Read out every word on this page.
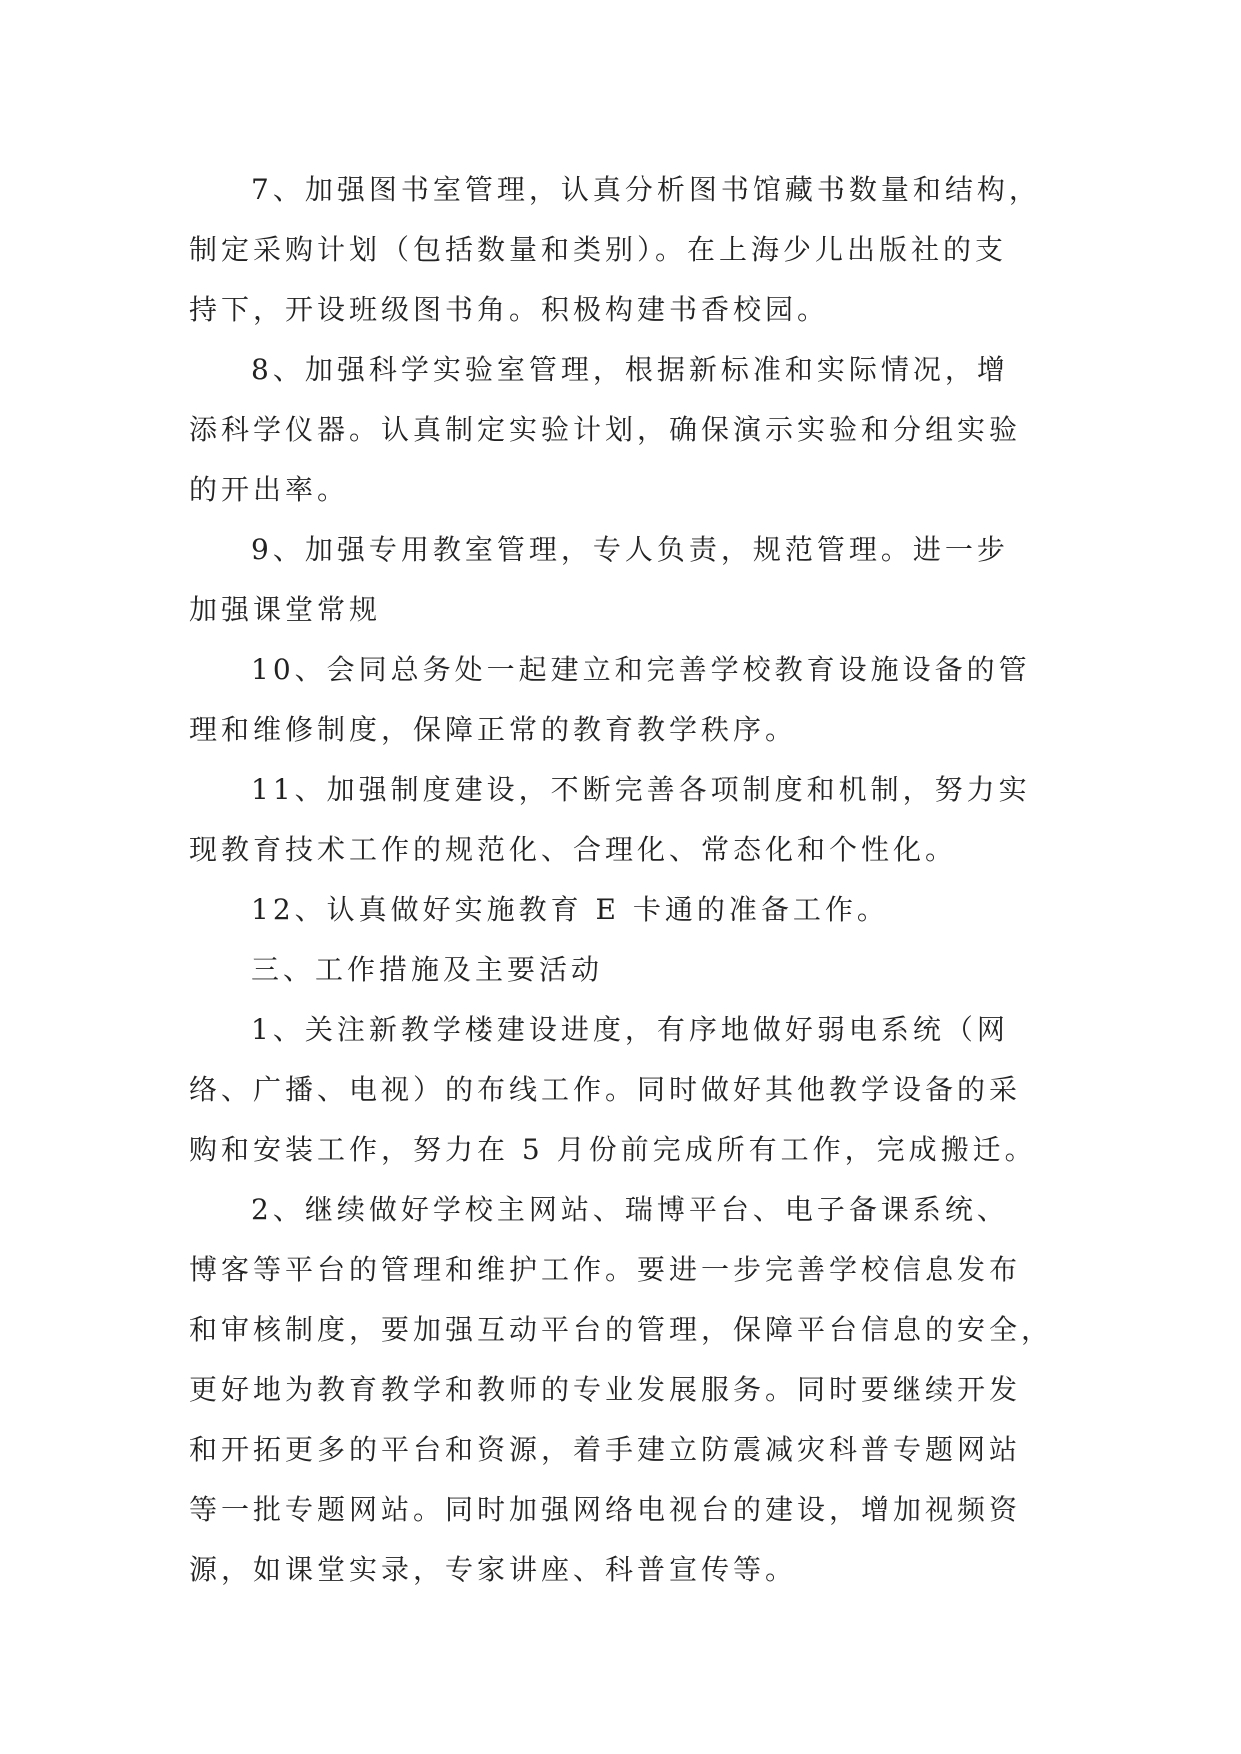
7、加强图书室管理，认真分析图书馆藏书数量和结构，
制定采购计划（包括数量和类别）。在上海少儿出版社的支
持下，开设班级图书角。积极构建书香校园。
8、加强科学实验室管理，根据新标准和实际情况，增
添科学仪器。认真制定实验计划，确保演示实验和分组实验
的开出率。
9、加强专用教室管理，专人负责，规范管理。进一步
加强课堂常规
10、会同总务处一起建立和完善学校教育设施设备的管
理和维修制度，保障正常的教育教学秩序。
11、加强制度建设，不断完善各项制度和机制，努力实
现教育技术工作的规范化、合理化、常态化和个性化。
12、认真做好实施教育 E 卡通的准备工作。
三、工作措施及主要活动
1、关注新教学楼建设进度，有序地做好弱电系统（网
络、广播、电视）的布线工作。同时做好其他教学设备的采
购和安装工作，努力在 5 月份前完成所有工作，完成搬迁。
2、继续做好学校主网站、瑞博平台、电子备课系统、
博客等平台的管理和维护工作。要进一步完善学校信息发布
和审核制度，要加强互动平台的管理，保障平台信息的安全，
更好地为教育教学和教师的专业发展服务。同时要继续开发
和开拓更多的平台和资源，着手建立防震减灾科普专题网站
等一批专题网站。同时加强网络电视台的建设，增加视频资
源，如课堂实录，专家讲座、科普宣传等。
